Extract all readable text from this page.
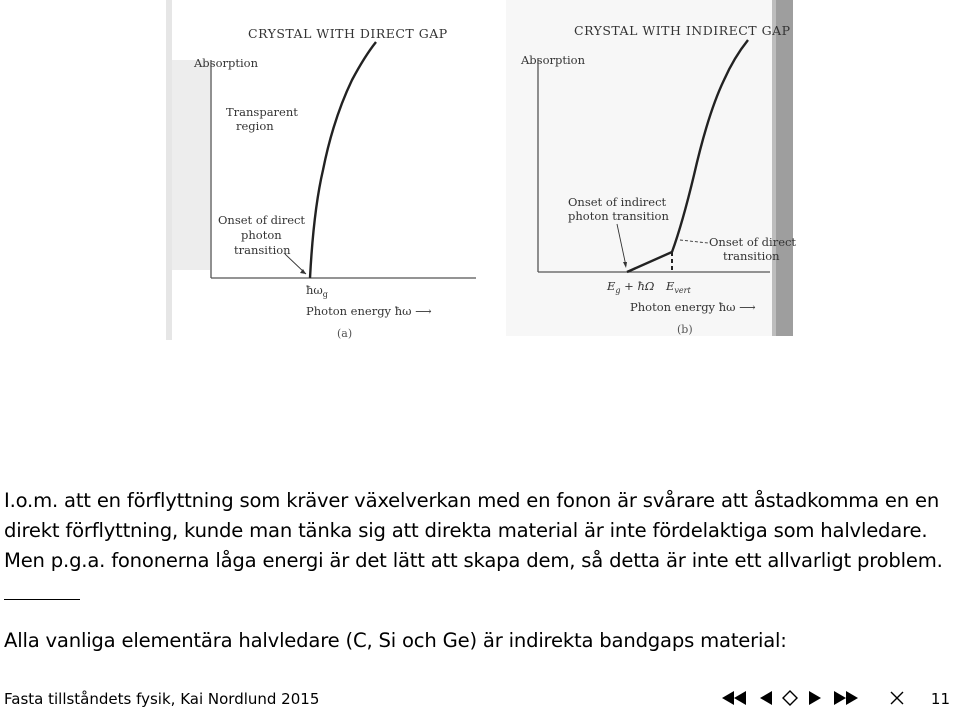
CRYSTAL WITH DIRECT GAP
Absorption
Transparent
region
Onset of direct
photon
transition
$ħ\omega_g$
Photon energy ħω ⟶
(a)
CRYSTAL WITH INDIRECT GAP
Absorption
Onset of indirect
photon transition
Onset of direct
transition
$E_g$ + ħΩ $E_{vert}$
Photon energy ħω ⟶
(b)
I.o.m. att en förflyttning som kräver växelverkan med en fonon är svårare att åstadkomma en en
direkt förflyttning, kunde man tänka sig att direkta material är inte fördelaktiga som halvledare.
Men p.g.a. fononerna låga energi är det lätt att skapa dem, så detta är inte ett allvarligt problem.
Alla vanliga elementära halvledare (C, Si och Ge) är indirekta bandgaps material:
Fasta tillståndets fysik, Kai Nordlund 2015	11
